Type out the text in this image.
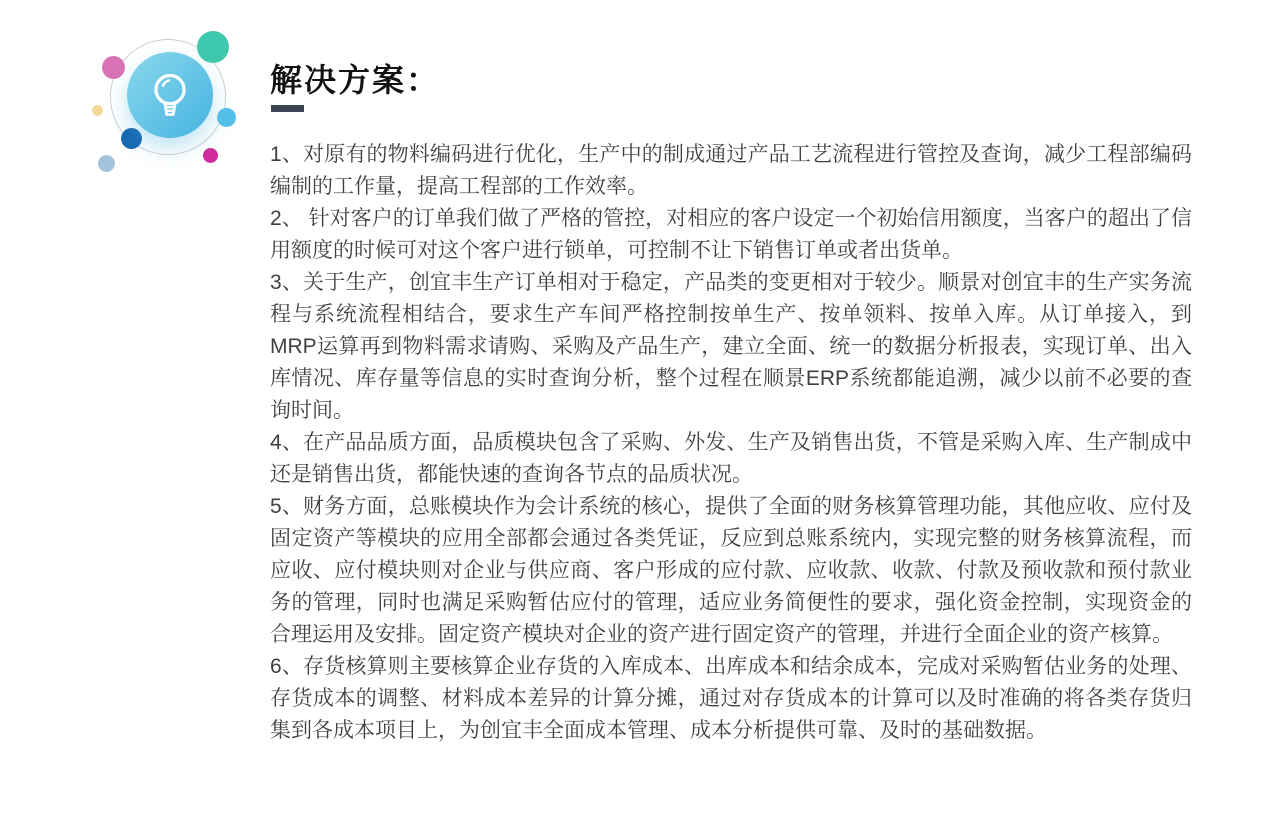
解决方案：

1、对原有的物料编码进行优化，生产中的制成通过产品工艺流程进行管控及查询，减少工程部编码编制的工作量，提高工程部的工作效率。

2、 针对客户的订单我们做了严格的管控，对相应的客户设定一个初始信用额度，当客户的超出了信用额度的时候可对这个客户进行锁单，可控制不让下销售订单或者出货单。

3、关于生产，创宜丰生产订单相对于稳定，产品类的变更相对于较少。顺景对创宜丰的生产实务流程与系统流程相结合，要求生产车间严格控制按单生产、按单领料、按单入库。从订单接入，到MRP运算再到物料需求请购、采购及产品生产，建立全面、统一的数据分析报表，实现订单、出入库情况、库存量等信息的实时查询分析，整个过程在顺景ERP系统都能追溯，减少以前不必要的查询时间。

4、在产品品质方面，品质模块包含了采购、外发、生产及销售出货，不管是采购入库、生产制成中还是销售出货，都能快速的查询各节点的品质状况。

5、财务方面，总账模块作为会计系统的核心，提供了全面的财务核算管理功能，其他应收、应付及固定资产等模块的应用全部都会通过各类凭证，反应到总账系统内，实现完整的财务核算流程，而应收、应付模块则对企业与供应商、客户形成的应付款、应收款、收款、付款及预收款和预付款业务的管理，同时也满足采购暂估应付的管理，适应业务简便性的要求，强化资金控制，实现资金的合理运用及安排。固定资产模块对企业的资产进行固定资产的管理，并进行全面企业的资产核算。

6、存货核算则主要核算企业存货的入库成本、出库成本和结余成本，完成对采购暂估业务的处理、存货成本的调整、材料成本差异的计算分摊，通过对存货成本的计算可以及时准确的将各类存货归集到各成本项目上，为创宜丰全面成本管理、成本分析提供可靠、及时的基础数据。
